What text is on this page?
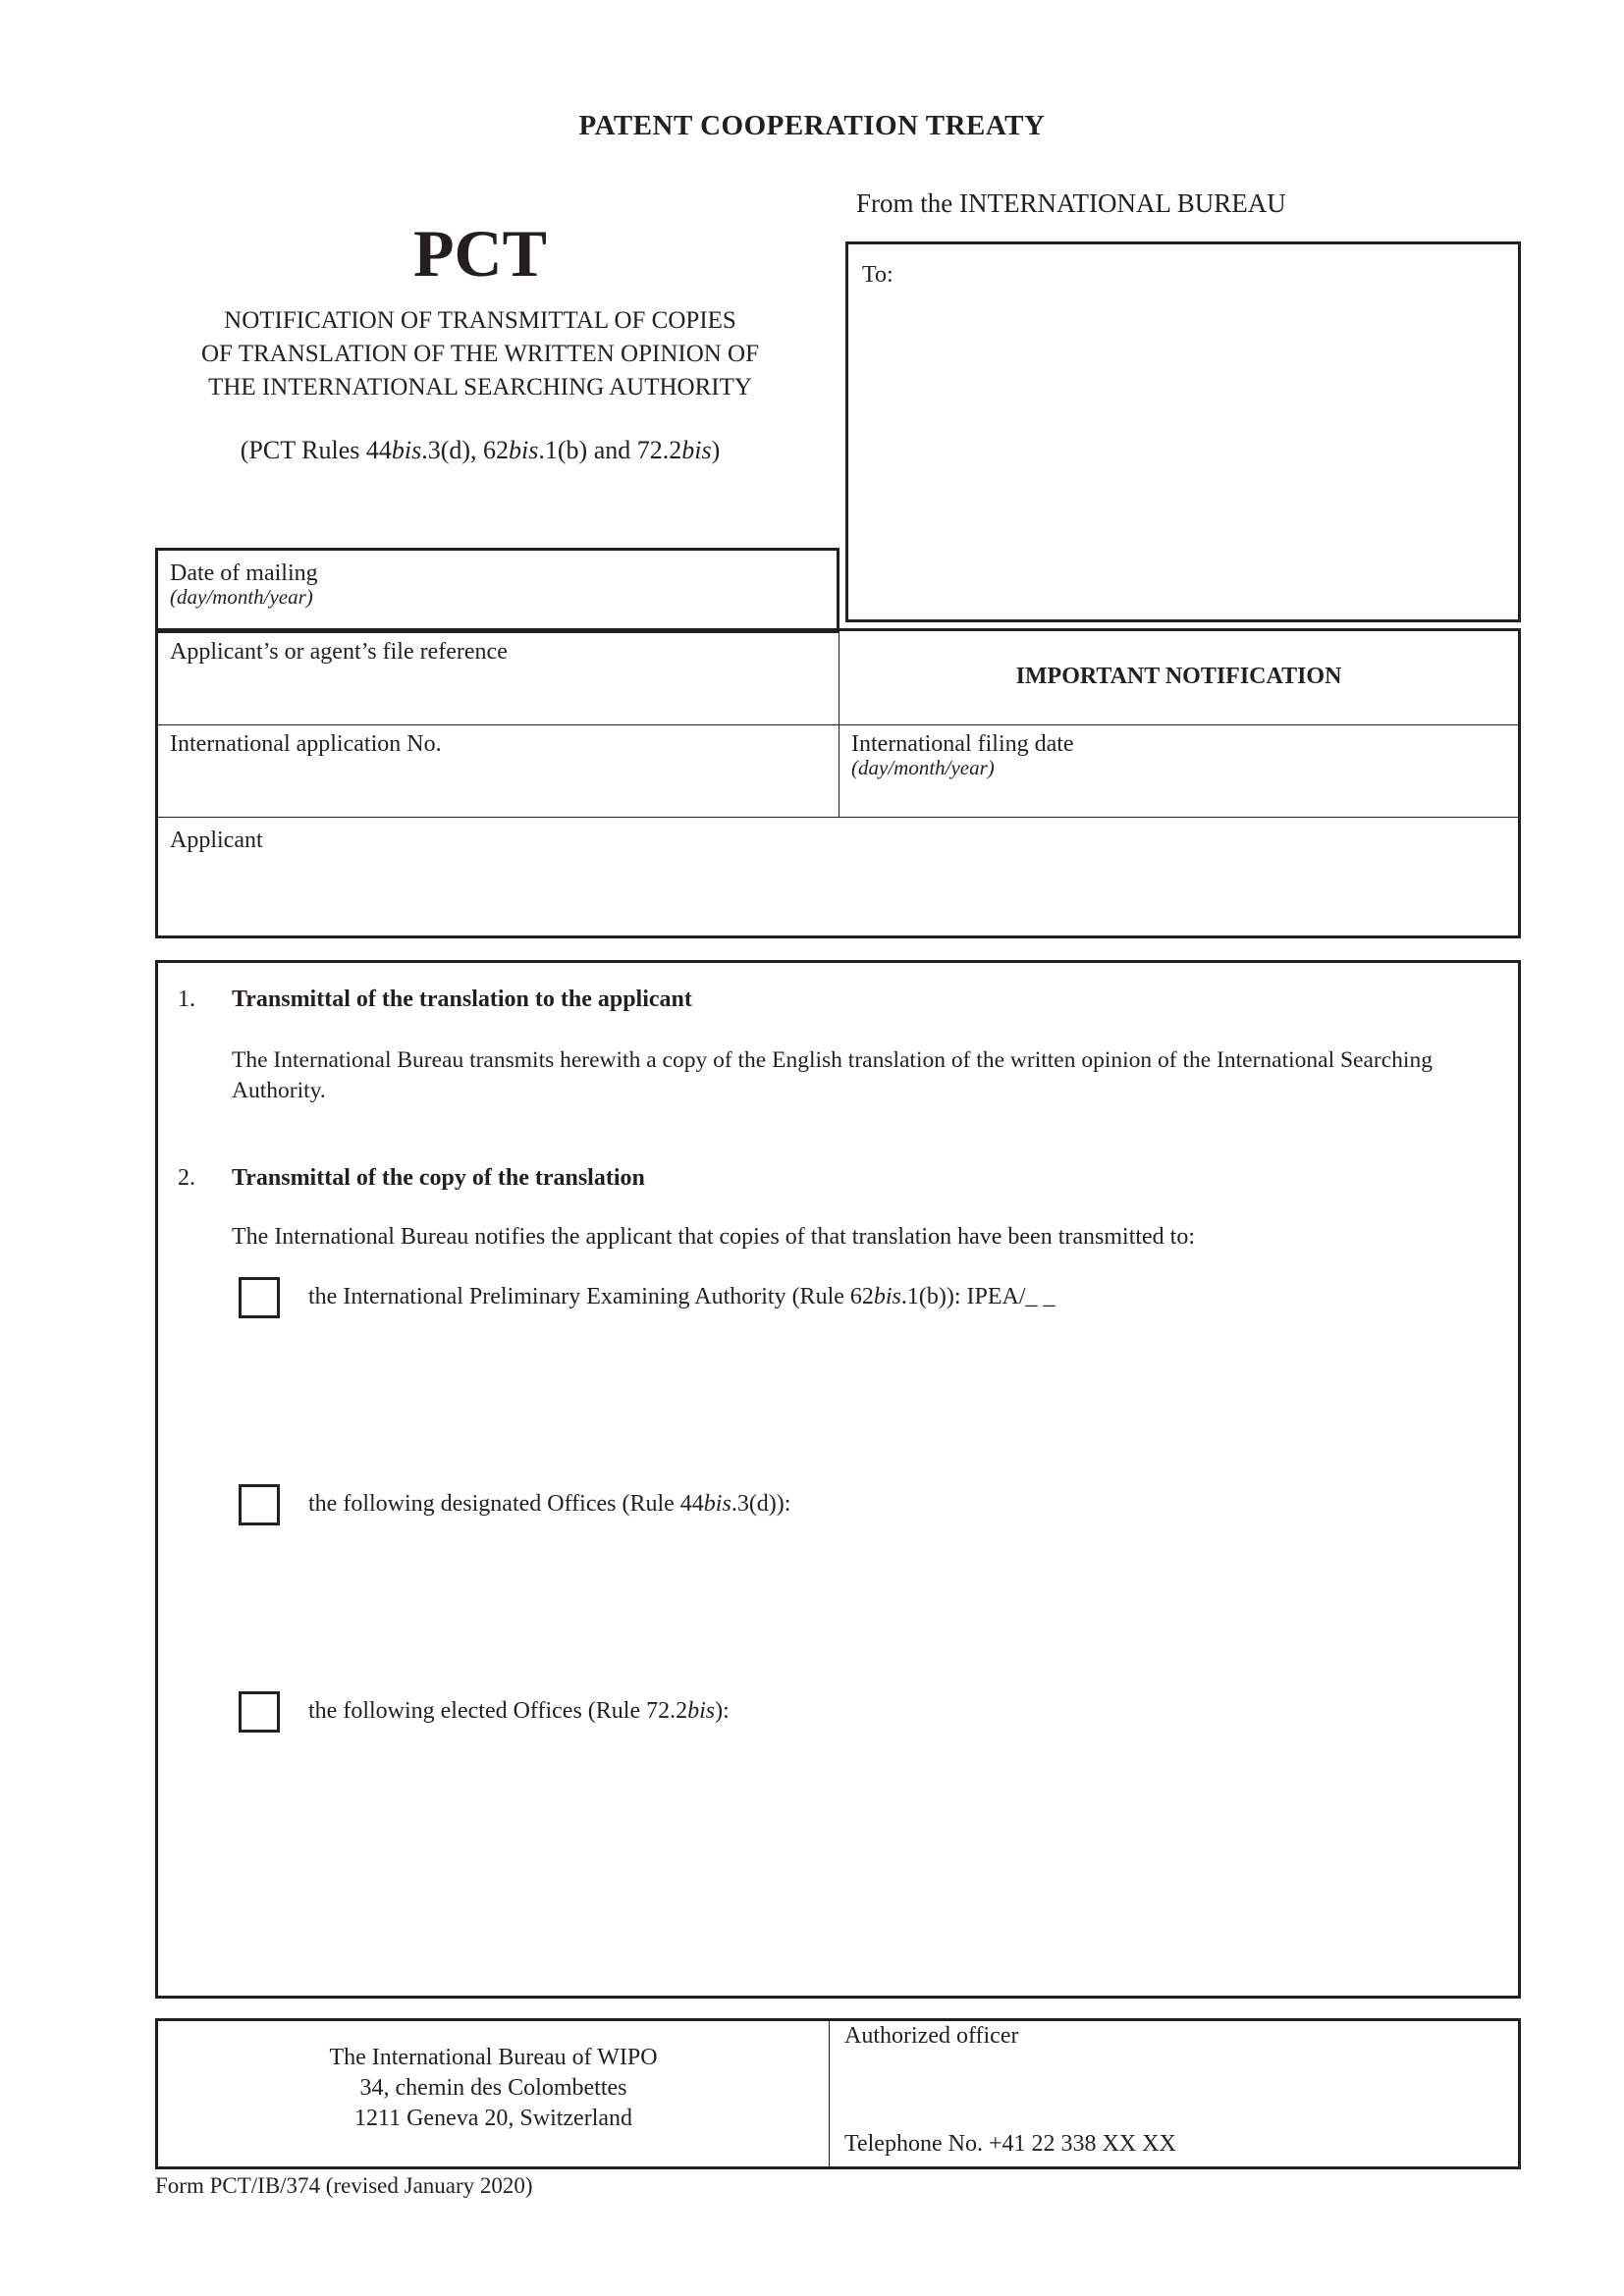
PATENT COOPERATION TREATY
From the INTERNATIONAL BUREAU
PCT
NOTIFICATION OF TRANSMITTAL OF COPIES
OF TRANSLATION OF THE WRITTEN OPINION OF
THE INTERNATIONAL SEARCHING AUTHORITY
(PCT Rules 44bis.3(d), 62bis.1(b) and 72.2bis)
To:
Date of mailing
(day/month/year)
Applicant’s or agent’s file reference
IMPORTANT NOTIFICATION
International application No.	International filing date
(day/month/year)
Applicant
1. Transmittal of the translation to the applicant
The International Bureau transmits herewith a copy of the English translation of the written opinion of the International Searching
Authority.
2. Transmittal of the copy of the translation
The International Bureau notifies the applicant that copies of that translation have been transmitted to:
the International Preliminary Examining Authority (Rule 62bis.1(b)): IPEA/_ _
the following designated Offices (Rule 44bis.3(d)):
the following elected Offices (Rule 72.2bis):
The International Bureau of WIPO
34, chemin des Colombettes
1211 Geneva 20, Switzerland
Authorized officer
Telephone No. +41 22 338 XX XX
Form PCT/IB/374 (revised January 2020)
